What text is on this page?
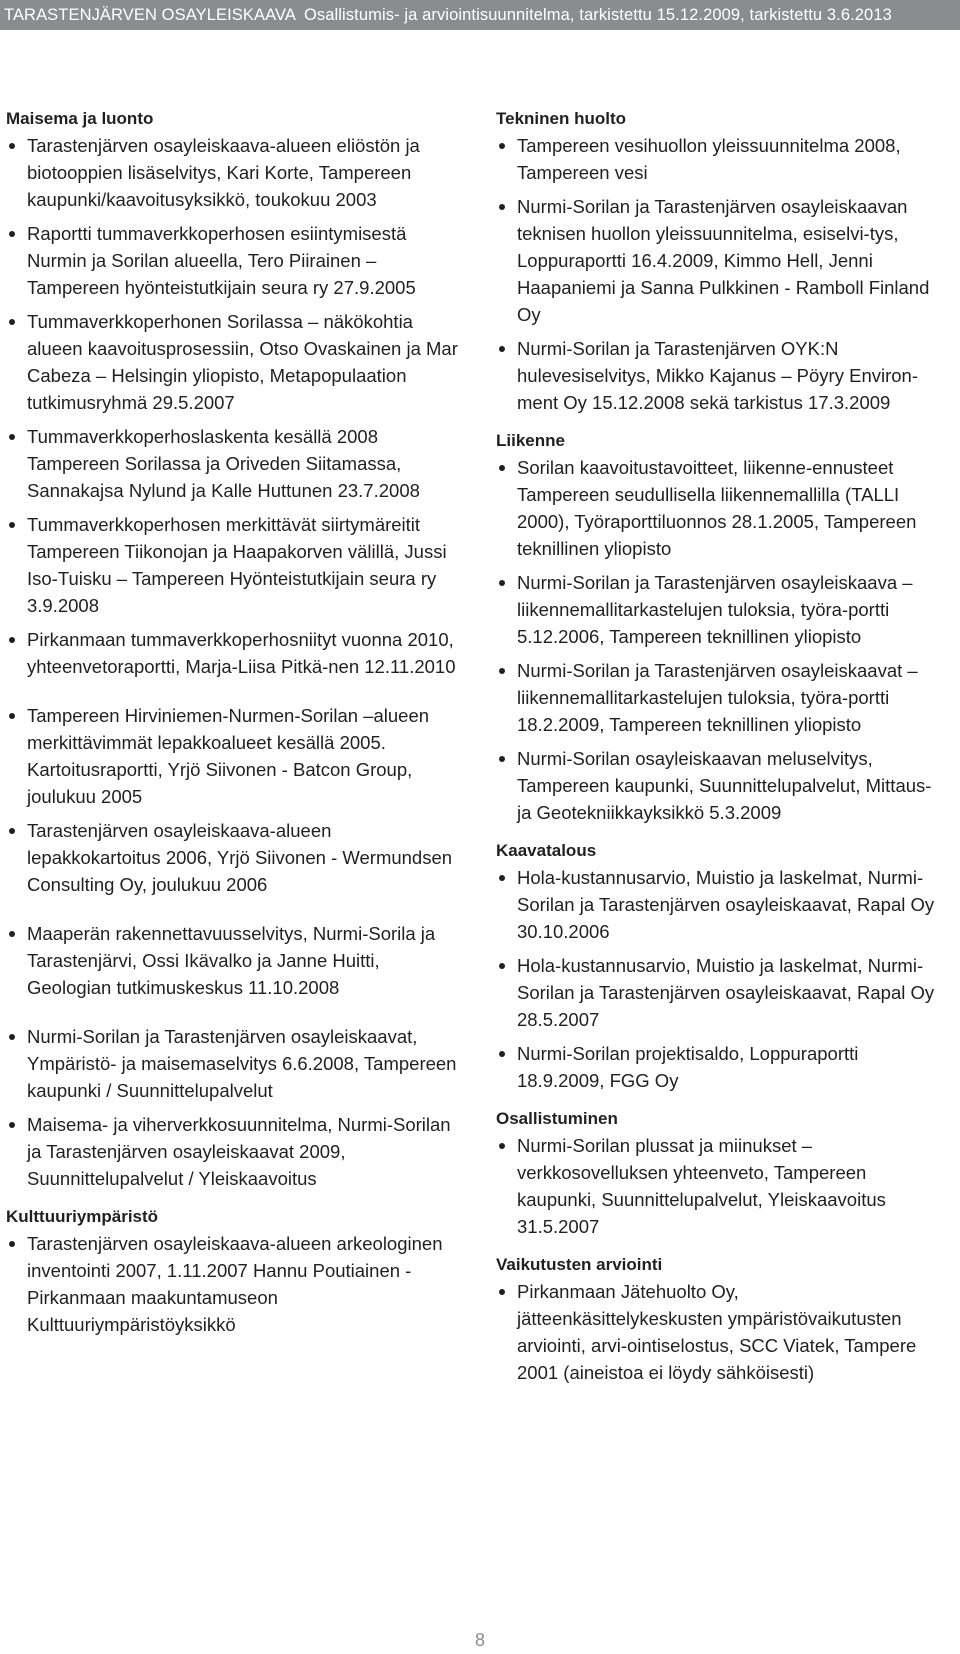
TARASTENJÄRVEN OSAYLEISKAAVA Osallistumis- ja arviointisuunnitelma, tarkistettu 15.12.2009, tarkistettu 3.6.2013
Maisema ja luonto
Tarastenjärven osayleiskaava-alueen eliöstön ja biotooppien lisäselvitys, Kari Korte, Tampereen kaupunki/kaavoitusyksikkö, toukokuu 2003
Raportti tummaverkkoperhosen esiintymisestä Nurmin ja Sorilan alueella, Tero Piirainen – Tampereen hyönteistutkijain seura ry 27.9.2005
Tummaverkkoperhonen Sorilassa – näkökohtia alueen kaavoitusprosessiin, Otso Ovaskainen ja Mar Cabeza – Helsingin yliopisto, Metapopulaation tutkimusryhmä 29.5.2007
Tummaverkkoperhoslaskenta kesällä 2008 Tampereen Sorilassa ja Oriveden Siitamassa, Sannakajsa Nylund ja Kalle Huttunen 23.7.2008
Tummaverkkoperhosen merkittävät siirtymäreitit Tampereen Tiikonojan ja Haapakorven välillä, Jussi Iso-Tuisku – Tampereen Hyönteistutkijain seura ry 3.9.2008
Pirkanmaan tummaverkkoperhosniityt vuonna 2010, yhteenvetoraportti, Marja-Liisa Pitkä-nen 12.11.2010
Tampereen Hirviniemen-Nurmen-Sorilan –alueen merkittävimmät lepakkoalueet kesällä 2005. Kartoitusraportti, Yrjö Siivonen - Batcon Group, joulukuu 2005
Tarastenjärven osayleiskaava-alueen lepakkokartoitus 2006, Yrjö Siivonen - Wermundsen Consulting Oy, joulukuu 2006
Maaperän rakennettavuusselvitys, Nurmi-Sorila ja Tarastenjärvi, Ossi Ikävalko ja Janne Huitti, Geologian tutkimuskeskus 11.10.2008
Nurmi-Sorilan ja Tarastenjärven osayleiskaavat, Ympäristö- ja maisemaselvitys 6.6.2008, Tampereen kaupunki / Suunnittelupalvelut
Maisema- ja viherverkkosuunnitelma, Nurmi-Sorilan ja Tarastenjärven osayleiskaavat 2009, Suunnittelupalvelut / Yleiskaavoitus
Kulttuuriympäristö
Tarastenjärven osayleiskaava-alueen arkeologinen inventointi 2007, 1.11.2007 Hannu Poutiainen - Pirkanmaan maakuntamuseon Kulttuuriympäristöyksikkö
Tekninen huolto
Tampereen vesihuollon yleissuunnitelma 2008, Tampereen vesi
Nurmi-Sorilan ja Tarastenjärven osayleiskaavan teknisen huollon yleissuunnitelma, esiselvi-tys, Loppuraportti 16.4.2009, Kimmo Hell, Jenni Haapaniemi ja Sanna Pulkkinen - Ramboll Finland Oy
Nurmi-Sorilan ja Tarastenjärven OYK:N hulevesiselvitys, Mikko Kajanus – Pöyry Environ-ment Oy 15.12.2008 sekä tarkistus 17.3.2009
Liikenne
Sorilan kaavoitustavoitteet, liikenne-ennusteet Tampereen seudullisella liikennemallilla (TALLI 2000), Työraporttiluonnos 28.1.2005, Tampereen teknillinen yliopisto
Nurmi-Sorilan ja Tarastenjärven osayleiskaava – liikennemallitarkastelujen tuloksia, työra-portti 5.12.2006, Tampereen teknillinen yliopisto
Nurmi-Sorilan ja Tarastenjärven osayleiskaavat – liikennemallitarkastelujen tuloksia, työra-portti 18.2.2009, Tampereen teknillinen yliopisto
Nurmi-Sorilan osayleiskaavan meluselvitys, Tampereen kaupunki, Suunnittelupalvelut, Mittaus- ja Geotekniikkayksikkö 5.3.2009
Kaavatalous
Hola-kustannusarvio, Muistio ja laskelmat, Nurmi-Sorilan ja Tarastenjärven osayleiskaavat, Rapal Oy 30.10.2006
Hola-kustannusarvio, Muistio ja laskelmat, Nurmi-Sorilan ja Tarastenjärven osayleiskaavat, Rapal Oy 28.5.2007
Nurmi-Sorilan projektisaldo, Loppuraportti 18.9.2009, FGG Oy
Osallistuminen
Nurmi-Sorilan plussat ja miinukset –verkkosovelluksen yhteenveto, Tampereen kaupunki, Suunnittelupalvelut, Yleiskaavoitus 31.5.2007
Vaikutusten arviointi
Pirkanmaan Jätehuolto Oy, jätteenkäsittelykeskusten ympäristövaikutusten arviointi, arvi-ointiselostus, SCC Viatek, Tampere 2001 (aineistoa ei löydy sähköisesti)
8
